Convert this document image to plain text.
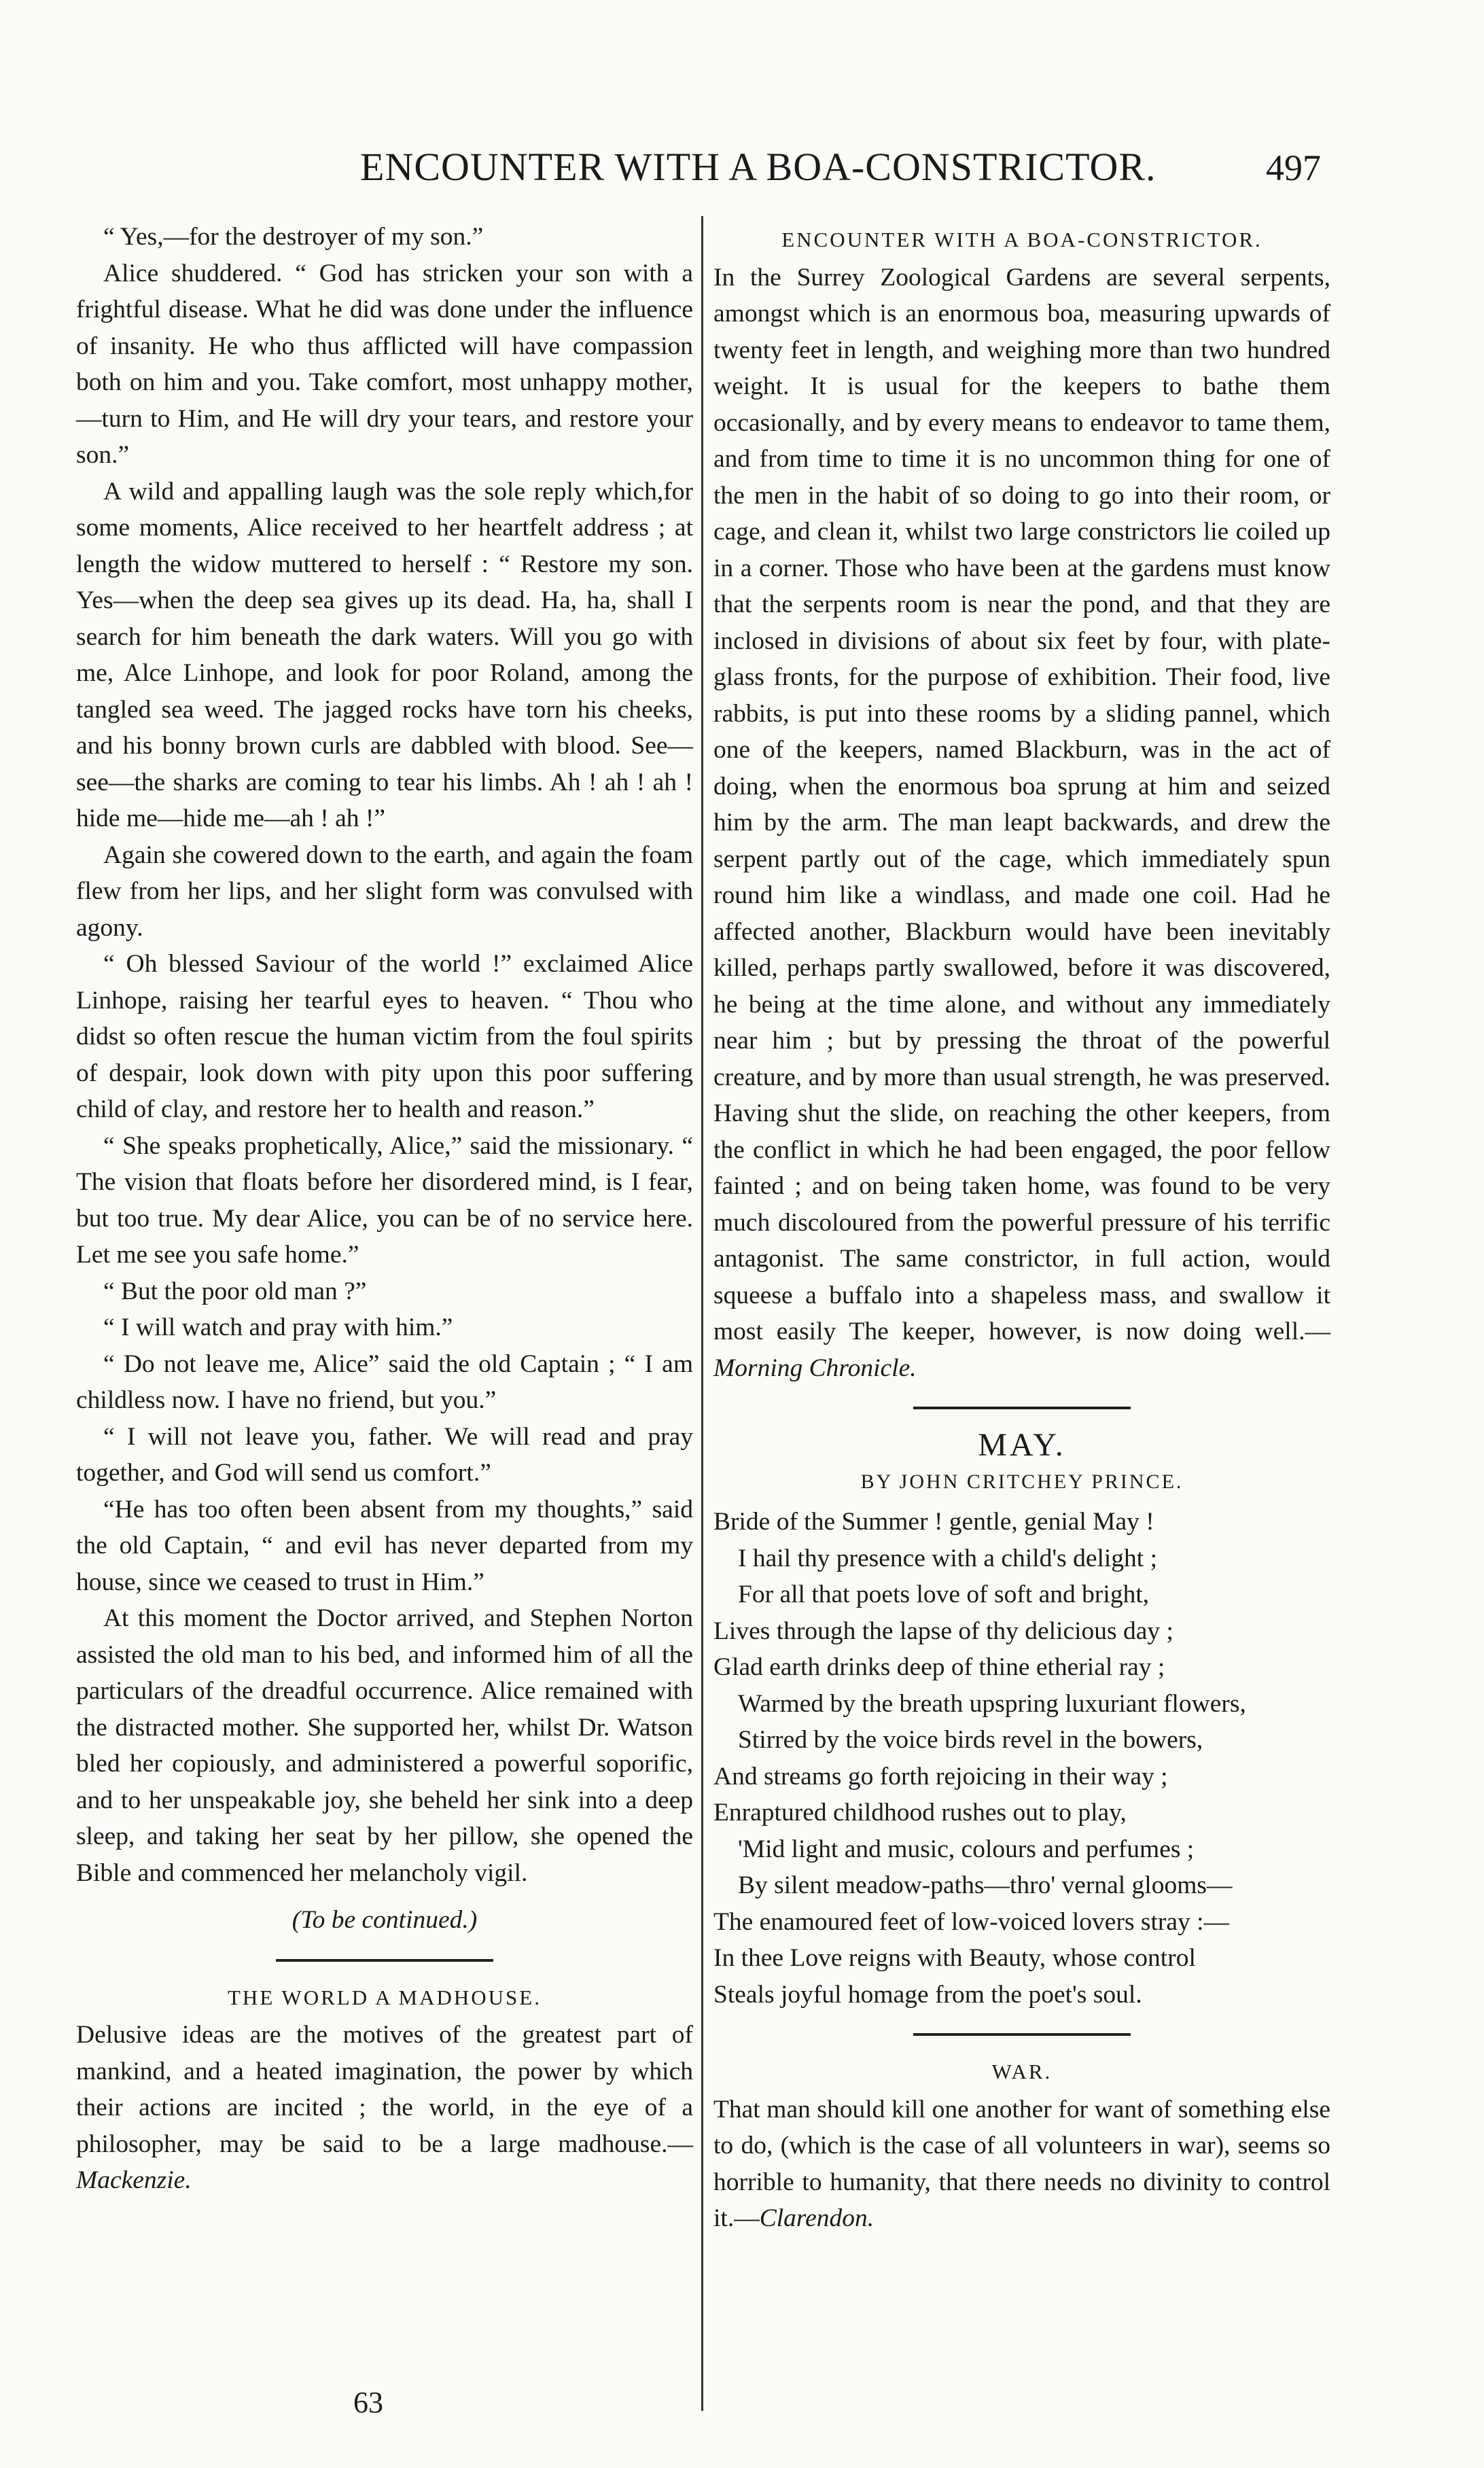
ENCOUNTER WITH A BOA-CONSTRICTOR.	497

“ Yes,—for the destroyer of my son.”

Alice shuddered. “ God has stricken your son with a frightful disease. What he did was done under the influence of insanity. He who thus afflicted will have compassion both on him and you. Take comfort, most unhappy mother,—turn to Him, and He will dry your tears, and restore your son.”

A wild and appalling laugh was the sole reply which,for some moments, Alice received to her heartfelt address ; at length the widow muttered to herself : “ Restore my son. Yes—when the deep sea gives up its dead. Ha, ha, shall I search for him beneath the dark waters. Will you go with me, Alce Linhope, and look for poor Roland, among the tangled sea weed. The jagged rocks have torn his cheeks, and his bonny brown curls are dabbled with blood. See—see—the sharks are coming to tear his limbs. Ah ! ah ! ah ! hide me—hide me—ah ! ah !”

Again she cowered down to the earth, and again the foam flew from her lips, and her slight form was convulsed with agony.

“ Oh blessed Saviour of the world !” exclaimed Alice Linhope, raising her tearful eyes to heaven. “ Thou who didst so often rescue the human victim from the foul spirits of despair, look down with pity upon this poor suffering child of clay, and restore her to health and reason.”

“ She speaks prophetically, Alice,” said the missionary. “ The vision that floats before her disordered mind, is I fear, but too true. My dear Alice, you can be of no service here. Let me see you safe home.”

“ But the poor old man ?”

“ I will watch and pray with him.”

“ Do not leave me, Alice” said the old Captain ; “ I am childless now. I have no friend, but you.”

“ I will not leave you, father. We will read and pray together, and God will send us comfort.”

“He has too often been absent from my thoughts,” said the old Captain, “ and evil has never departed from my house, since we ceased to trust in Him.”

At this moment the Doctor arrived, and Stephen Norton assisted the old man to his bed, and informed him of all the particulars of the dreadful occurrence. Alice remained with the distracted mother. She supported her, whilst Dr. Watson bled her copiously, and administered a powerful soporific, and to her unspeakable joy, she beheld her sink into a deep sleep, and taking her seat by her pillow, she opened the Bible and commenced her melancholy vigil.

(To be continued.)

THE WORLD A MADHOUSE.

Delusive ideas are the motives of the greatest part of mankind, and a heated imagination, the power by which their actions are incited ; the world, in the eye of a philosopher, may be said to be a large madhouse.—Mackenzie.

ENCOUNTER WITH A BOA-CONSTRICTOR.

In the Surrey Zoological Gardens are several serpents, amongst which is an enormous boa, measuring upwards of twenty feet in length, and weighing more than two hundred weight. It is usual for the keepers to bathe them occasionally, and by every means to endeavor to tame them, and from time to time it is no uncommon thing for one of the men in the habit of so doing to go into their room, or cage, and clean it, whilst two large constrictors lie coiled up in a corner. Those who have been at the gardens must know that the serpents room is near the pond, and that they are inclosed in divisions of about six feet by four, with plate-glass fronts, for the purpose of exhibition. Their food, live rabbits, is put into these rooms by a sliding pannel, which one of the keepers, named Blackburn, was in the act of doing, when the enormous boa sprung at him and seized him by the arm. The man leapt backwards, and drew the serpent partly out of the cage, which immediately spun round him like a windlass, and made one coil. Had he affected another, Blackburn would have been inevitably killed, perhaps partly swallowed, before it was discovered, he being at the time alone, and without any immediately near him ; but by pressing the throat of the powerful creature, and by more than usual strength, he was preserved. Having shut the slide, on reaching the other keepers, from the conflict in which he had been engaged, the poor fellow fainted ; and on being taken home, was found to be very much discoloured from the powerful pressure of his terrific antagonist. The same constrictor, in full action, would squeese a buffalo into a shapeless mass, and swallow it most easily The keeper, however, is now doing well.—Morning Chronicle.

MAY.

BY JOHN CRITCHEY PRINCE.

Bride of the Summer ! gentle, genial May !
I hail thy presence with a child's delight ;
For all that poets love of soft and bright,
Lives through the lapse of thy delicious day ;
Glad earth drinks deep of thine etherial ray ;
Warmed by the breath upspring luxuriant flowers,
Stirred by the voice birds revel in the bowers,
And streams go forth rejoicing in their way ;
Enraptured childhood rushes out to play,
'Mid light and music, colours and perfumes ;
By silent meadow-paths—thro' vernal glooms—
The enamoured feet of low-voiced lovers stray :—
In thee Love reigns with Beauty, whose control
Steals joyful homage from the poet's soul.

WAR.

That man should kill one another for want of something else to do, (which is the case of all volunteers in war), seems so horrible to humanity, that there needs no divinity to control it.—Clarendon.

63
